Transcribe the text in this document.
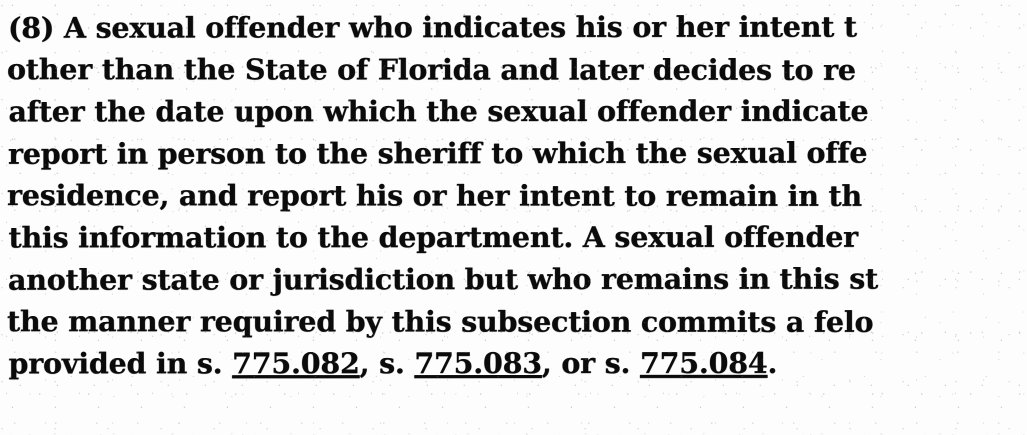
(8) A sexual offender who indicates his or her intent t
other than the State of Florida and later decides to re
after the date upon which the sexual offender indicate
report in person to the sheriff to which the sexual offe
residence, and report his or her intent to remain in th
this information to the department. A sexual offender
another state or jurisdiction but who remains in this st
the manner required by this subsection commits a felo
provided in s. 775.082, s. 775.083, or s. 775.084.
